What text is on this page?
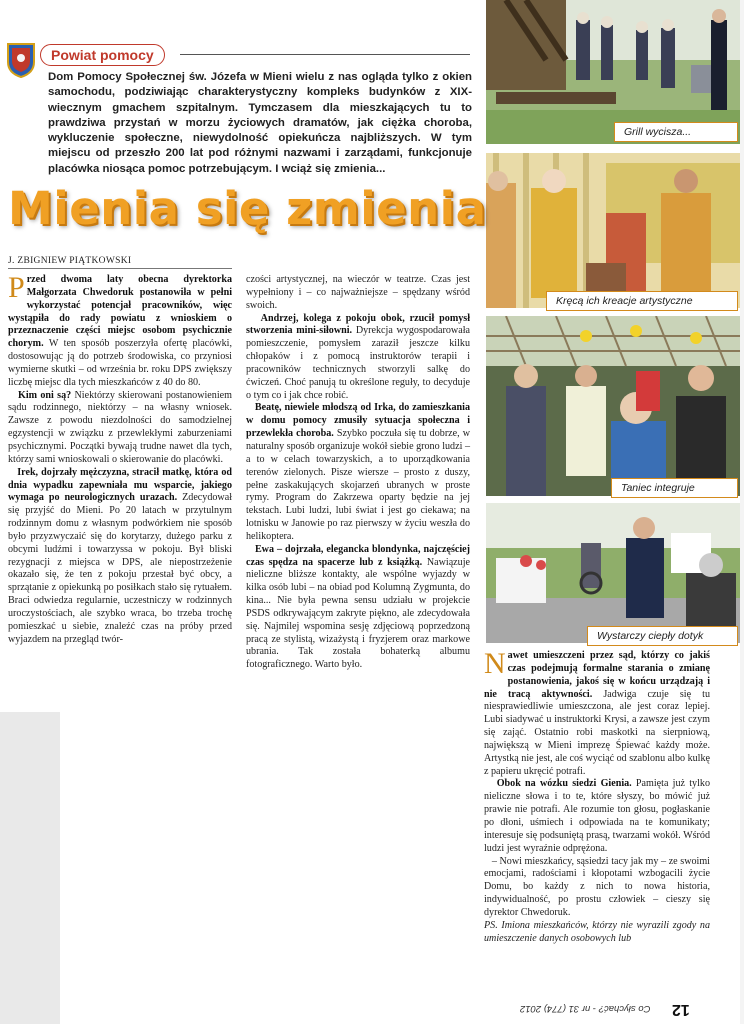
Powiat pomocy
Dom Pomocy Społecznej św. Józefa w Mieni wielu z nas ogląda tylko z okien samochodu, podziwiając charakterystyczny kompleks budynków z XIX-wiecznym gmachem szpitalnym. Tymczasem dla mieszkających tu to prawdziwa przystań w morzu życiowych dramatów, jak ciężka choroba, wykluczenie społeczne, niewydolność opiekuńcza najbliższych. W tym miejscu od przeszło 200 lat pod różnymi nazwami i zarządami, funkcjonuje placówka niosąca pomoc potrzebującym. I wciąż się zmienia...
Grill wycisza...
Kręcą ich kreacje artystyczne
Taniec integruje
Wystarczy ciepły dotyk
Mienia się zmienia
J. ZBIGNIEW PIĄTKOWSKI

Przed dwoma laty obecna dyrektorka Małgorzata Chwedoruk postanowiła w pełni wykorzystać potencjał pracowników, więc wystąpiła do rady powiatu z wnioskiem o przeznaczenie części miejsc osobom psychicznie chorym. W ten sposób poszerzyła ofertę placówki, dostosowując ją do potrzeb środowiska, co przyniosi wymierne skutki – od września br. roku DPS zwiększy liczbę miejsc dla tych mieszkańców z 40 do 80.

Kim oni są? Niektórzy skierowani postanowieniem sądu rodzinnego, niektórzy – na własny wniosek. Zawsze z powodu niezdolności do samodzielnej egzystencji w związku z przewlekłymi zaburzeniami psychicznymi. Początki bywają trudne nawet dla tych, którzy sami wnioskowali o skierowanie do placówki.

Irek, dojrzały mężczyzna, stracił matkę, która od dnia wypadku zapewniała mu wsparcie, jakiego wymaga po neurologicznych urazach. Zdecydował się przyjść do Mieni. Po 20 latach w przytulnym rodzinnym domu z własnym podwórkiem nie sposób było przyzwyczaić się do korytarzy, dużego parku z obcymi ludźmi i towarzyssa w pokoju. Był bliski rezygnacji z miejsca w DPS, ale niepostrzeżenie okazało się, że ten z pokoju przestał być obcy, a sprzątanie z opiekunką po posiłkach stało się rytuałem. Braci odwiedza regularnie, uczestniczy w rodzinnych uroczystościach, ale szybko wraca, bo trzeba trochę pomieszkać u siebie, znaleźć czas na próby przed wyjazdem na przegląd twór-

czości artystycznej, na wieczór w teatrze. Czas jest wypełniony i – co najważniejsze – spędzany wśród swoich.

Andrzej, kolega z pokoju obok, rzucił pomysł stworzenia mini-siłowni. Dyrekcja wygospodarowała pomieszczenie, pomysłem zaraził jeszcze kilku chłopaków i z pomocą instruktorów terapii i pracowników technicznych stworzyli salkę do ćwiczeń. Choć panują tu określone reguły, to decyduje o tym co i jak chce robić.

Beatę, niewiele młodszą od Irka, do zamieszkania w domu pomocy zmusiły sytuacja społeczna i przewlekła choroba. Szybko poczuła się tu dobrze, w naturalny sposób organizuje wokół siebie grono ludzi – a to w celach towarzyskich, a to uporządkowania terenów zielonych. Pisze wiersze – prosto z duszy, pełne zaskakujących skojarzeń ubranych w proste rymy. Program do Zakrzewa oparty będzie na jej tekstach. Lubi ludzi, lubi świat i jest go ciekawa; na lotnisku w Janowie po raz pierwszy w życiu weszła do helikoptera.

Ewa – dojrzała, elegancka blondynka, najczęściej czas spędza na spacerze lub z książką. Nawiązuje nieliczne bliższe kontakty, ale wspólne wyjazdy w kilka osób lubi – na obiad pod Kolumną Zygmunta, do kina... Nie była pewna sensu udziału w projekcie PSDS odkrywającym zakryte piękno, ale zdecydowała się. Najmilej wspomina sesję zdjęciową poprzedzoną pracą ze stylistą, wizażystą i fryzjerem oraz markowe ubrania. Tak została bohaterką albumu fotograficznego. Warto było.	Nawet umieszczeni przez sąd, którzy co jakiś czas podejmują formalne starania o zmianę postanowienia, jakoś się w końcu urządzają i nie tracą aktywności. Jadwiga czuje się tu niesprawiedliwie umieszczona, ale jest coraz lepiej. Lubi siadywać u instruktorki Krysi, a zawsze jest czym się zająć. Ostatnio robi maskotki na sierpniową, największą w Mieni imprezę Śpiewać każdy może. Artystką nie jest, ale coś wyciąć od szablonu albo kulkę z papieru ukręcić potrafi.

Obok na wózku siedzi Gienia. Pamięta już tylko nieliczne słowa i to te, które słyszy, bo mówić już prawie nie potrafi. Ale rozumie ton głosu, pogłaskanie po dłoni, uśmiech i odpowiada na te komunikaty; interesuje się podsuniętą prasą, twarzami wokół. Wśród ludzi jest wyraźnie odprężona.

– Nowi mieszkańcy, sąsiedzi tacy jak my – ze swoimi emocjami, radościami i kłopotami wzbogacili życie Domu, bo każdy z nich to nowa historia, indywidualność, po prostu człowiek – cieszy się dyrektor Chwedoruk.

PS. Imiona mieszkańców, którzy nie wyrazili zgody na umieszczenie danych osobowych lub

12
Co słychać? - nr 31 (774) 2012
